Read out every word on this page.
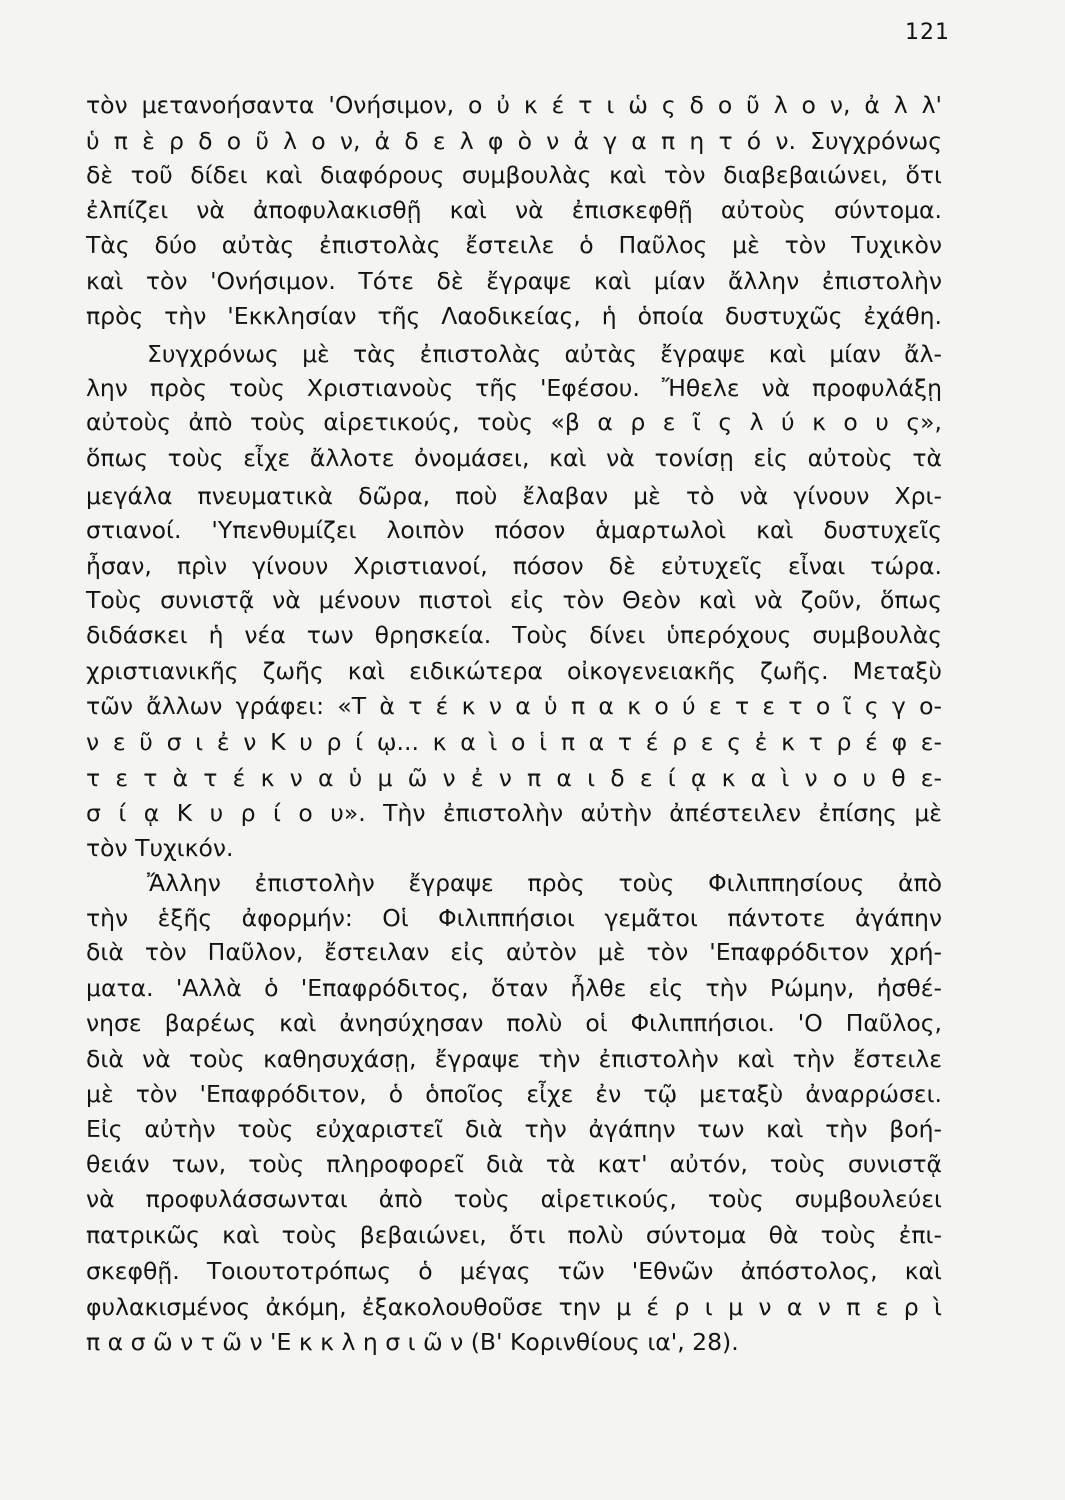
121
τὸν μετανοήσαντα 'Ονήσιμον, ο ὐ κ έ τ ι ὡ ς δ ο ῦ λ ο ν, ἀ λ λ'
ὑ π ὲ ρ δ ο ῦ λ ο ν, ἀ δ ε λ φ ὸ ν ἀ γ α π η τ ό ν. Συγχρόνως
δὲ τοῦ δίδει καὶ διαφόρους συμβουλὰς καὶ τὸν διαβεβαιώνει, ὅτι
ἐλπίζει νὰ ἀποφυλακισθῇ καὶ νὰ ἐπισκεφθῇ αὐτοὺς σύντομα.
Τὰς δύο αὐτὰς ἐπιστολὰς ἔστειλε ὁ Παῦλος μὲ τὸν Τυχικὸν
καὶ τὸν 'Ονήσιμον. Τότε δὲ ἔγραψε καὶ μίαν ἄλλην ἐπιστολὴν
πρὸς τὴν 'Εκκλησίαν τῆς Λαοδικείας, ἡ ὁποία δυστυχῶς ἐχάθη.
Συγχρόνως μὲ τὰς ἐπιστολὰς αὐτὰς ἔγραψε καὶ μίαν ἄλ-
λην πρὸς τοὺς Χριστιανοὺς τῆς 'Εφέσου. Ἤθελε νὰ προφυλάξῃ
αὐτοὺς ἀπὸ τοὺς αἱρετικούς, τοὺς «β α ρ ε ῖ ς λ ύ κ ο υ ς»,
ὅπως τοὺς εἶχε ἄλλοτε ὀνομάσει, καὶ νὰ τονίσῃ εἰς αὐτοὺς τὰ
μεγάλα πνευματικὰ δῶρα, ποὺ ἔλαβαν μὲ τὸ νὰ γίνουν Χρι-
στιανοί. 'Υπενθυμίζει λοιπὸν πόσον ἁμαρτωλοὶ καὶ δυστυχεῖς
ἦσαν, πρὶν γίνουν Χριστιανοί, πόσον δὲ εὐτυχεῖς εἶναι τώρα.
Τοὺς συνιστᾷ νὰ μένουν πιστοὶ εἰς τὸν Θεὸν καὶ νὰ ζοῦν, ὅπως
διδάσκει ἡ νέα των θρησκεία. Τοὺς δίνει ὑπερόχους συμβουλὰς
χριστιανικῆς ζωῆς καὶ ειδικώτερα οἰκογενειακῆς ζωῆς. Μεταξὺ
τῶν ἄλλων γράφει: «Τ ὰ τ έ κ ν α ὑ π α κ ο ύ ε τ ε τ ο ῖ ς γ ο-
ν ε ῦ σ ι ἐ ν Κ υ ρ ί ῳ... κ α ὶ ο ἱ π α τ έ ρ ε ς ἐ κ τ ρ έ φ ε-
τ ε τ ὰ τ έ κ ν α ὑ μ ῶ ν ἐ ν π α ι δ ε ί ᾳ κ α ὶ ν ο υ θ ε-
σ ί ᾳ Κ υ ρ ί ο υ». Τὴν ἐπιστολὴν αὐτὴν ἀπέστειλεν ἐπίσης μὲ
τὸν Τυχικόν.
Ἄλλην ἐπιστολὴν ἔγραψε πρὸς τοὺς Φιλιππησίους ἀπὸ
τὴν ἑξῆς ἀφορμήν: Οἱ Φιλιππήσιοι γεμᾶτοι πάντοτε ἀγάπην
διὰ τὸν Παῦλον, ἔστειλαν εἰς αὐτὸν μὲ τὸν 'Επαφρόδιτον χρή-
ματα. 'Αλλὰ ὁ 'Επαφρόδιτος, ὅταν ἦλθε εἰς τὴν Ρώμην, ἠσθέ-
νησε βαρέως καὶ ἀνησύχησαν πολὺ οἱ Φιλιππήσιοι. 'Ο Παῦλος,
διὰ νὰ τοὺς καθησυχάσῃ, ἔγραψε τὴν ἐπιστολὴν καὶ τὴν ἔστειλε
μὲ τὸν 'Επαφρόδιτον, ὁ ὁποῖος εἶχε ἐν τῷ μεταξὺ ἀναρρώσει.
Εἰς αὐτὴν τοὺς εὐχαριστεῖ διὰ τὴν ἀγάπην των καὶ τὴν βοή-
θειάν των, τοὺς πληροφορεῖ διὰ τὰ κατ' αὐτόν, τοὺς συνιστᾷ
νὰ προφυλάσσωνται ἀπὸ τοὺς αἱρετικούς, τοὺς συμβουλεύει
πατρικῶς καὶ τοὺς βεβαιώνει, ὅτι πολὺ σύντομα θὰ τοὺς ἐπι-
σκεφθῇ. Τοιουτοτρόπως ὁ μέγας τῶν 'Εθνῶν ἀπόστολος, καὶ
φυλακισμένος ἀκόμη, ἐξακολουθοῦσε την μ έ ρ ι μ ν α ν π ε ρ ὶ
π α σ ῶ ν τ ῶ ν 'Ε κ κ λ η σ ι ῶ ν (Β' Κορινθίους ια', 28).
